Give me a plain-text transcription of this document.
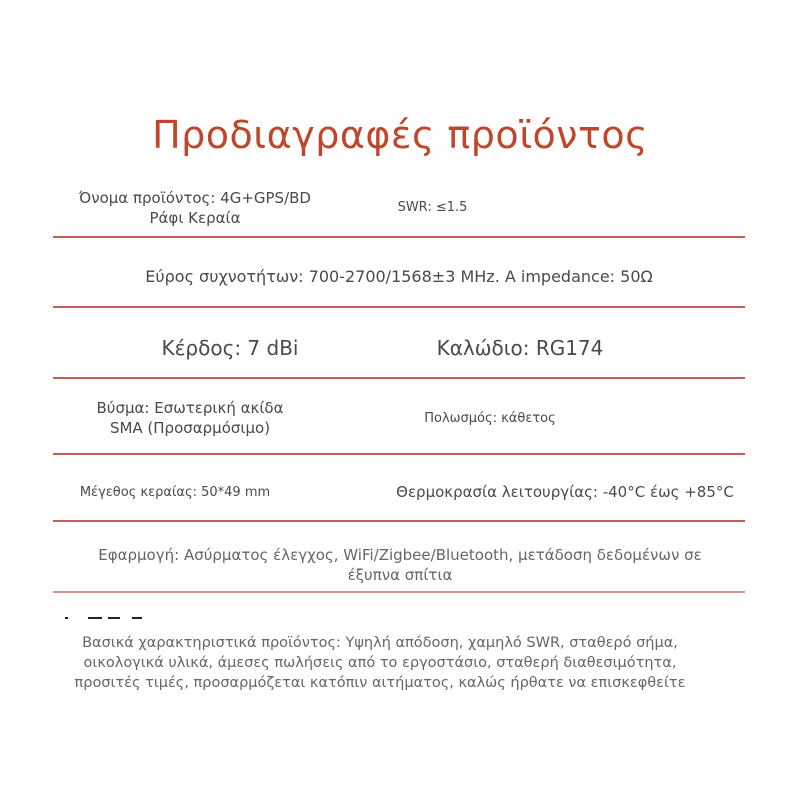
Προδιαγραφές προϊόντος
Όνομα προϊόντος: 4G+GPS/BD
Ράφι Κεραία
SWR: ≤1.5
Εύρος συχνοτήτων: 700-2700/1568±3 MHz. A impedance: 50Ω
Κέρδος: 7 dBi	Καλώδιο: RG174
Βύσμα: Εσωτερική ακίδα
SMA (Προσαρμόσιμο)
Πολωσμός: κάθετος
Μέγεθος κεραίας: 50*49 mm	Θερμοκρασία λειτουργίας: -40°C έως +85°C
Εφαρμογή: Ασύρματος έλεγχος, WiFi/Zigbee/Bluetooth, μετάδοση δεδομένων σε
έξυπνα σπίτια
Βασικά χαρακτηριστικά προϊόντος: Υψηλή απόδοση, χαμηλό SWR, σταθερό σήμα,
οικολογικά υλικά, άμεσες πωλήσεις από το εργοστάσιο, σταθερή διαθεσιμότητα,
προσιτές τιμές, προσαρμόζεται κατόπιν αιτήματος, καλώς ήρθατε να επισκεφθείτε
